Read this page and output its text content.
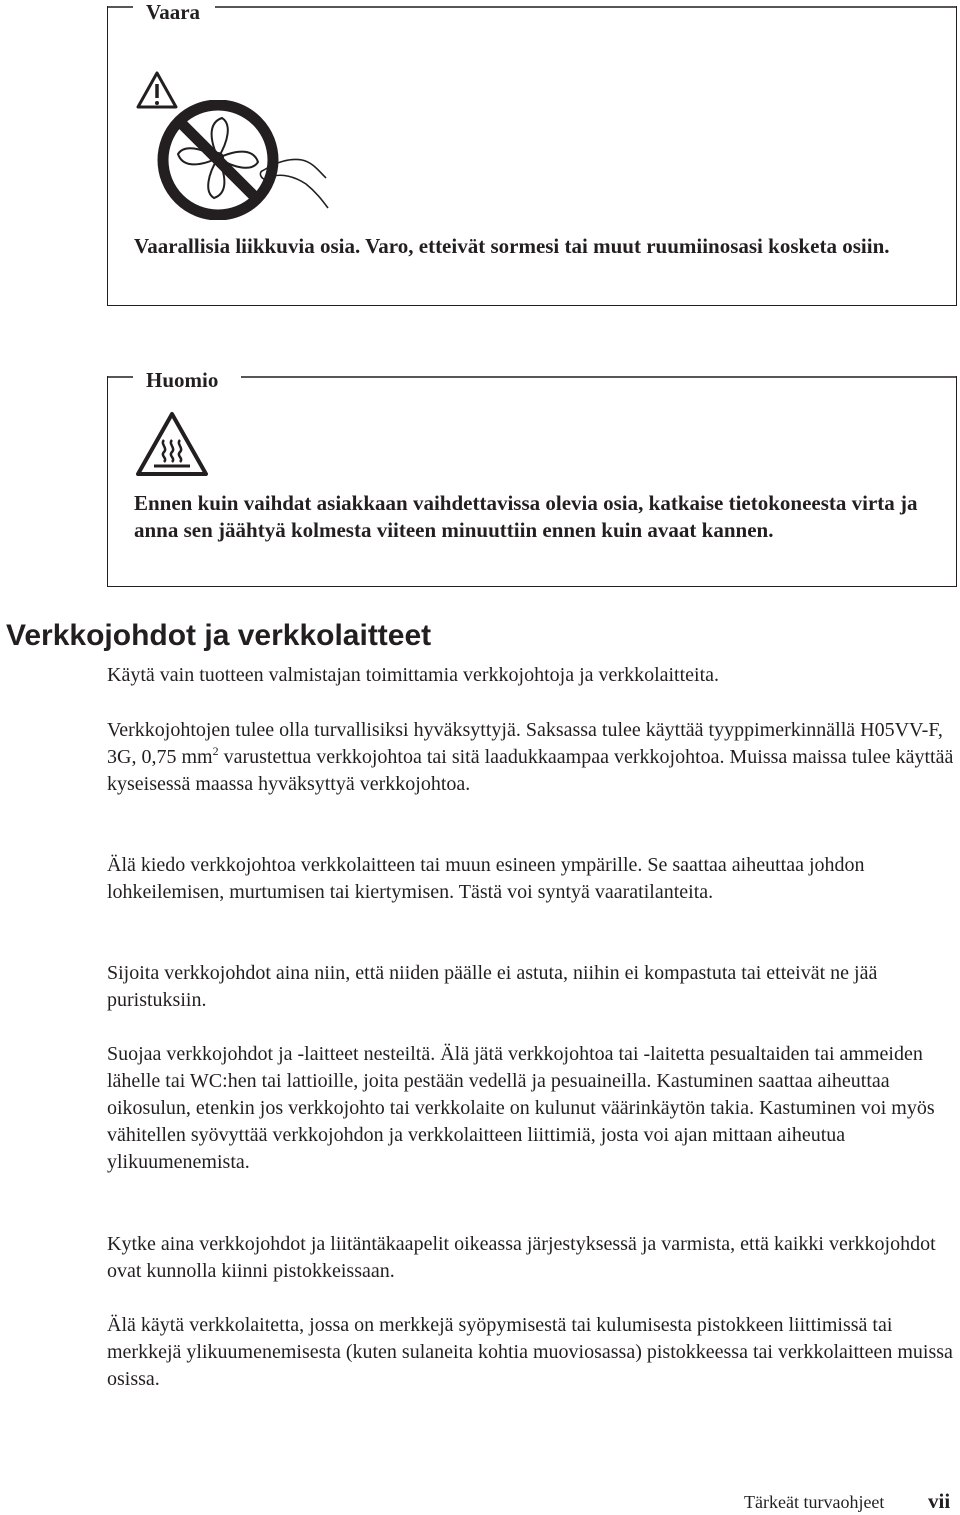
Vaara

Vaarallisia liikkuvia osia. Varo, etteivät sormesi tai muut ruumiinosasi kosketa osiin.

Huomio

Ennen kuin vaihdat asiakkaan vaihdettavissa olevia osia, katkaise tietokoneesta virta ja anna sen jäähtyä kolmesta viiteen minuuttiin ennen kuin avaat kannen.

Verkkojohdot ja verkkolaitteet

Käytä vain tuotteen valmistajan toimittamia verkkojohtoja ja verkkolaitteita.

Verkkojohtojen tulee olla turvallisiksi hyväksyttyjä. Saksassa tulee käyttää tyyppimerkinnällä H05VV-F, 3G, 0,75 $mm^2$ varustettua verkkojohtoa tai sitä laadukkaampaa verkkojohtoa. Muissa maissa tulee käyttää kyseisessä maassa hyväksyttyä verkkojohtoa.

Älä kiedo verkkojohtoa verkkolaitteen tai muun esineen ympärille. Se saattaa aiheuttaa johdon lohkeilemisen, murtumisen tai kiertymisen. Tästä voi syntyä vaaratilanteita.

Sijoita verkkojohdot aina niin, että niiden päälle ei astuta, niihin ei kompastuta tai etteivät ne jää puristuksiin.

Suojaa verkkojohdot ja -laitteet nesteiltä. Älä jätä verkkojohtoa tai -laitetta pesualtaiden tai ammeiden lähelle tai WC:hen tai lattioille, joita pestään vedellä ja pesuaineilla. Kastuminen saattaa aiheuttaa oikosulun, etenkin jos verkkojohto tai verkkolaite on kulunut väärinkäytön takia. Kastuminen voi myös vähitellen syövyttää verkkojohdon ja verkkolaitteen liittimiä, josta voi ajan mittaan aiheutua ylikuumenemista.

Kytke aina verkkojohdot ja liitäntäkaapelit oikeassa järjestyksessä ja varmista, että kaikki verkkojohdot ovat kunnolla kiinni pistokkeissaan.

Älä käytä verkkolaitetta, jossa on merkkejä syöpymisestä tai kulumisesta pistokkeen liittimissä tai merkkejä ylikuumenemisesta (kuten sulaneita kohtia muoviosassa) pistokkeessa tai verkkolaitteen muissa osissa.

Tärkeät turvaohjeet vii
